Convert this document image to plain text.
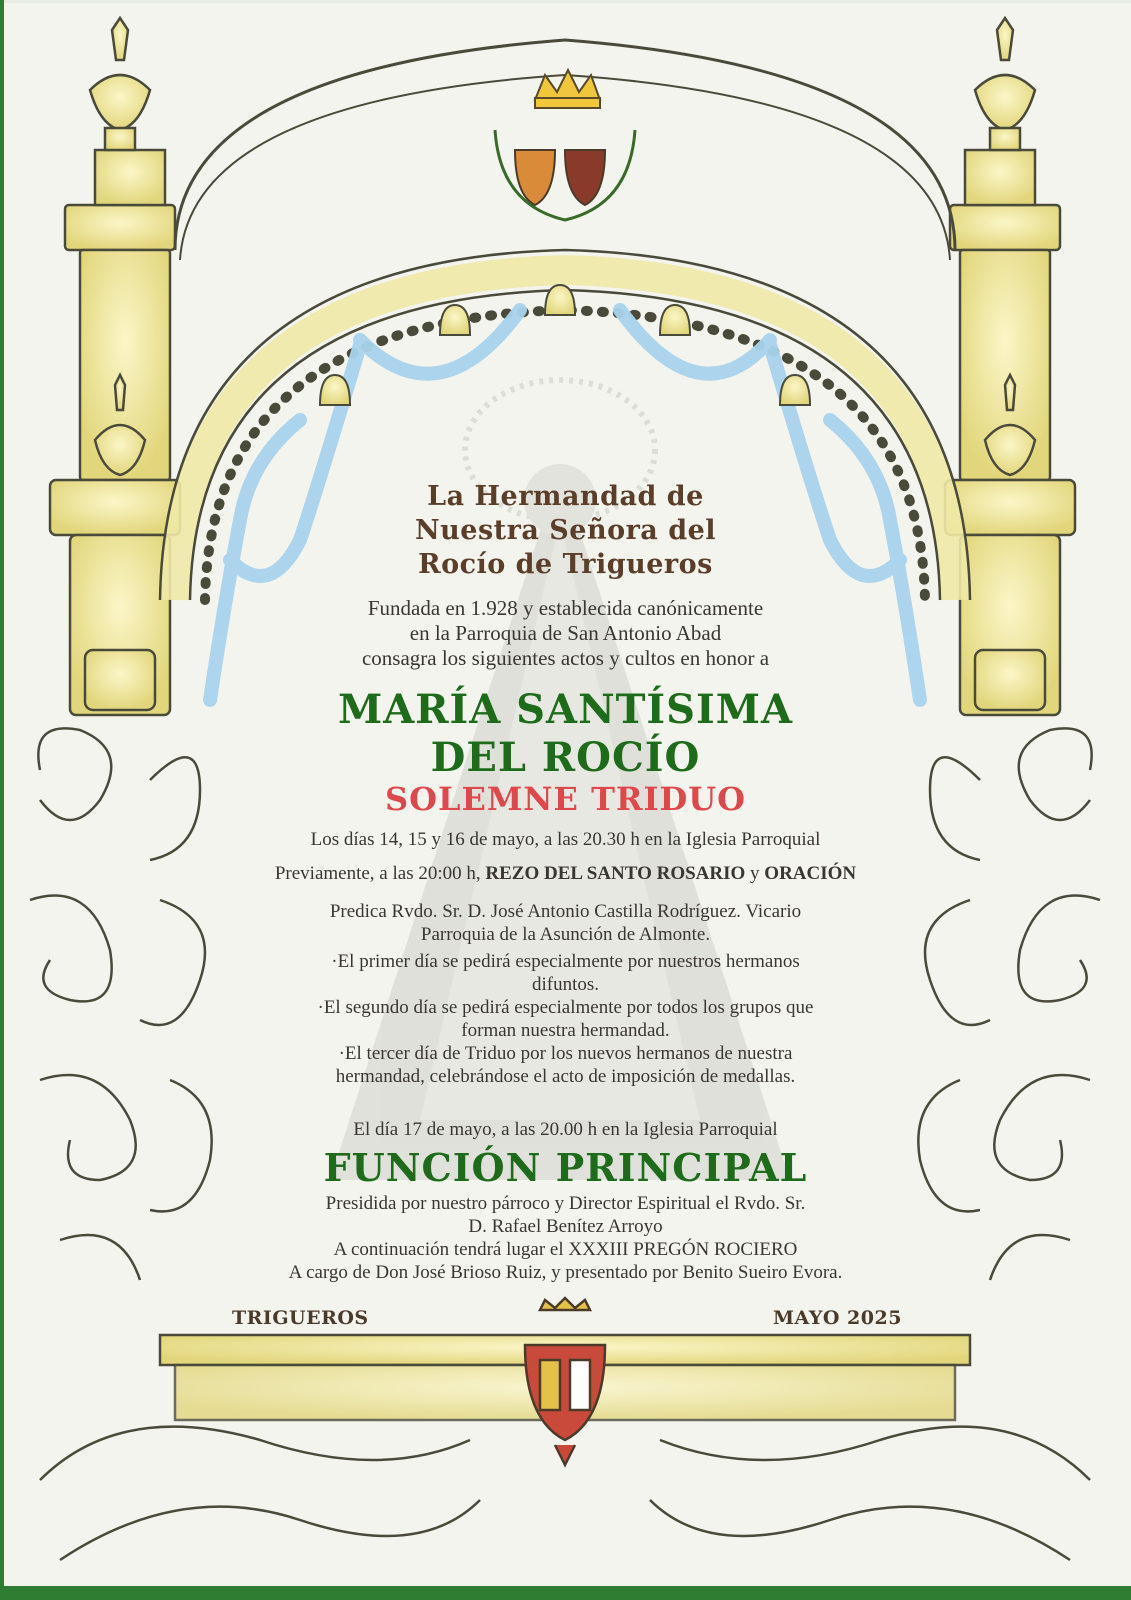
La Hermandad de
Nuestra Señora del
Rocío de Trigueros
Fundada en 1.928 y establecida canónicamente
en la Parroquia de San Antonio Abad
consagra los siguientes actos y cultos en honor a
MARÍA SANTÍSIMA
DEL ROCÍO
SOLEMNE TRIDUO
Los días 14, 15 y 16 de mayo, a las 20.30 h en la Iglesia Parroquial
Previamente, a las 20:00 h, REZO DEL SANTO ROSARIO y ORACIÓN
Predica Rvdo. Sr. D. José Antonio Castilla Rodríguez. Vicario
Parroquia de la Asunción de Almonte.
·El primer día se pedirá especialmente por nuestros hermanos
difuntos.
·El segundo día se pedirá especialmente por todos los grupos que
forman nuestra hermandad.
·El tercer día de Triduo por los nuevos hermanos de nuestra
hermandad, celebrándose el acto de imposición de medallas.
El día 17 de mayo, a las 20.00 h en la Iglesia Parroquial
FUNCIÓN PRINCIPAL
Presidida por nuestro párroco y Director Espiritual el Rvdo. Sr.
D. Rafael Benítez Arroyo
A continuación tendrá lugar el XXXIII PREGÓN ROCIERO
A cargo de Don José Brioso Ruiz, y presentado por Benito Sueiro Evora.
TRIGUEROS	MAYO 2025
